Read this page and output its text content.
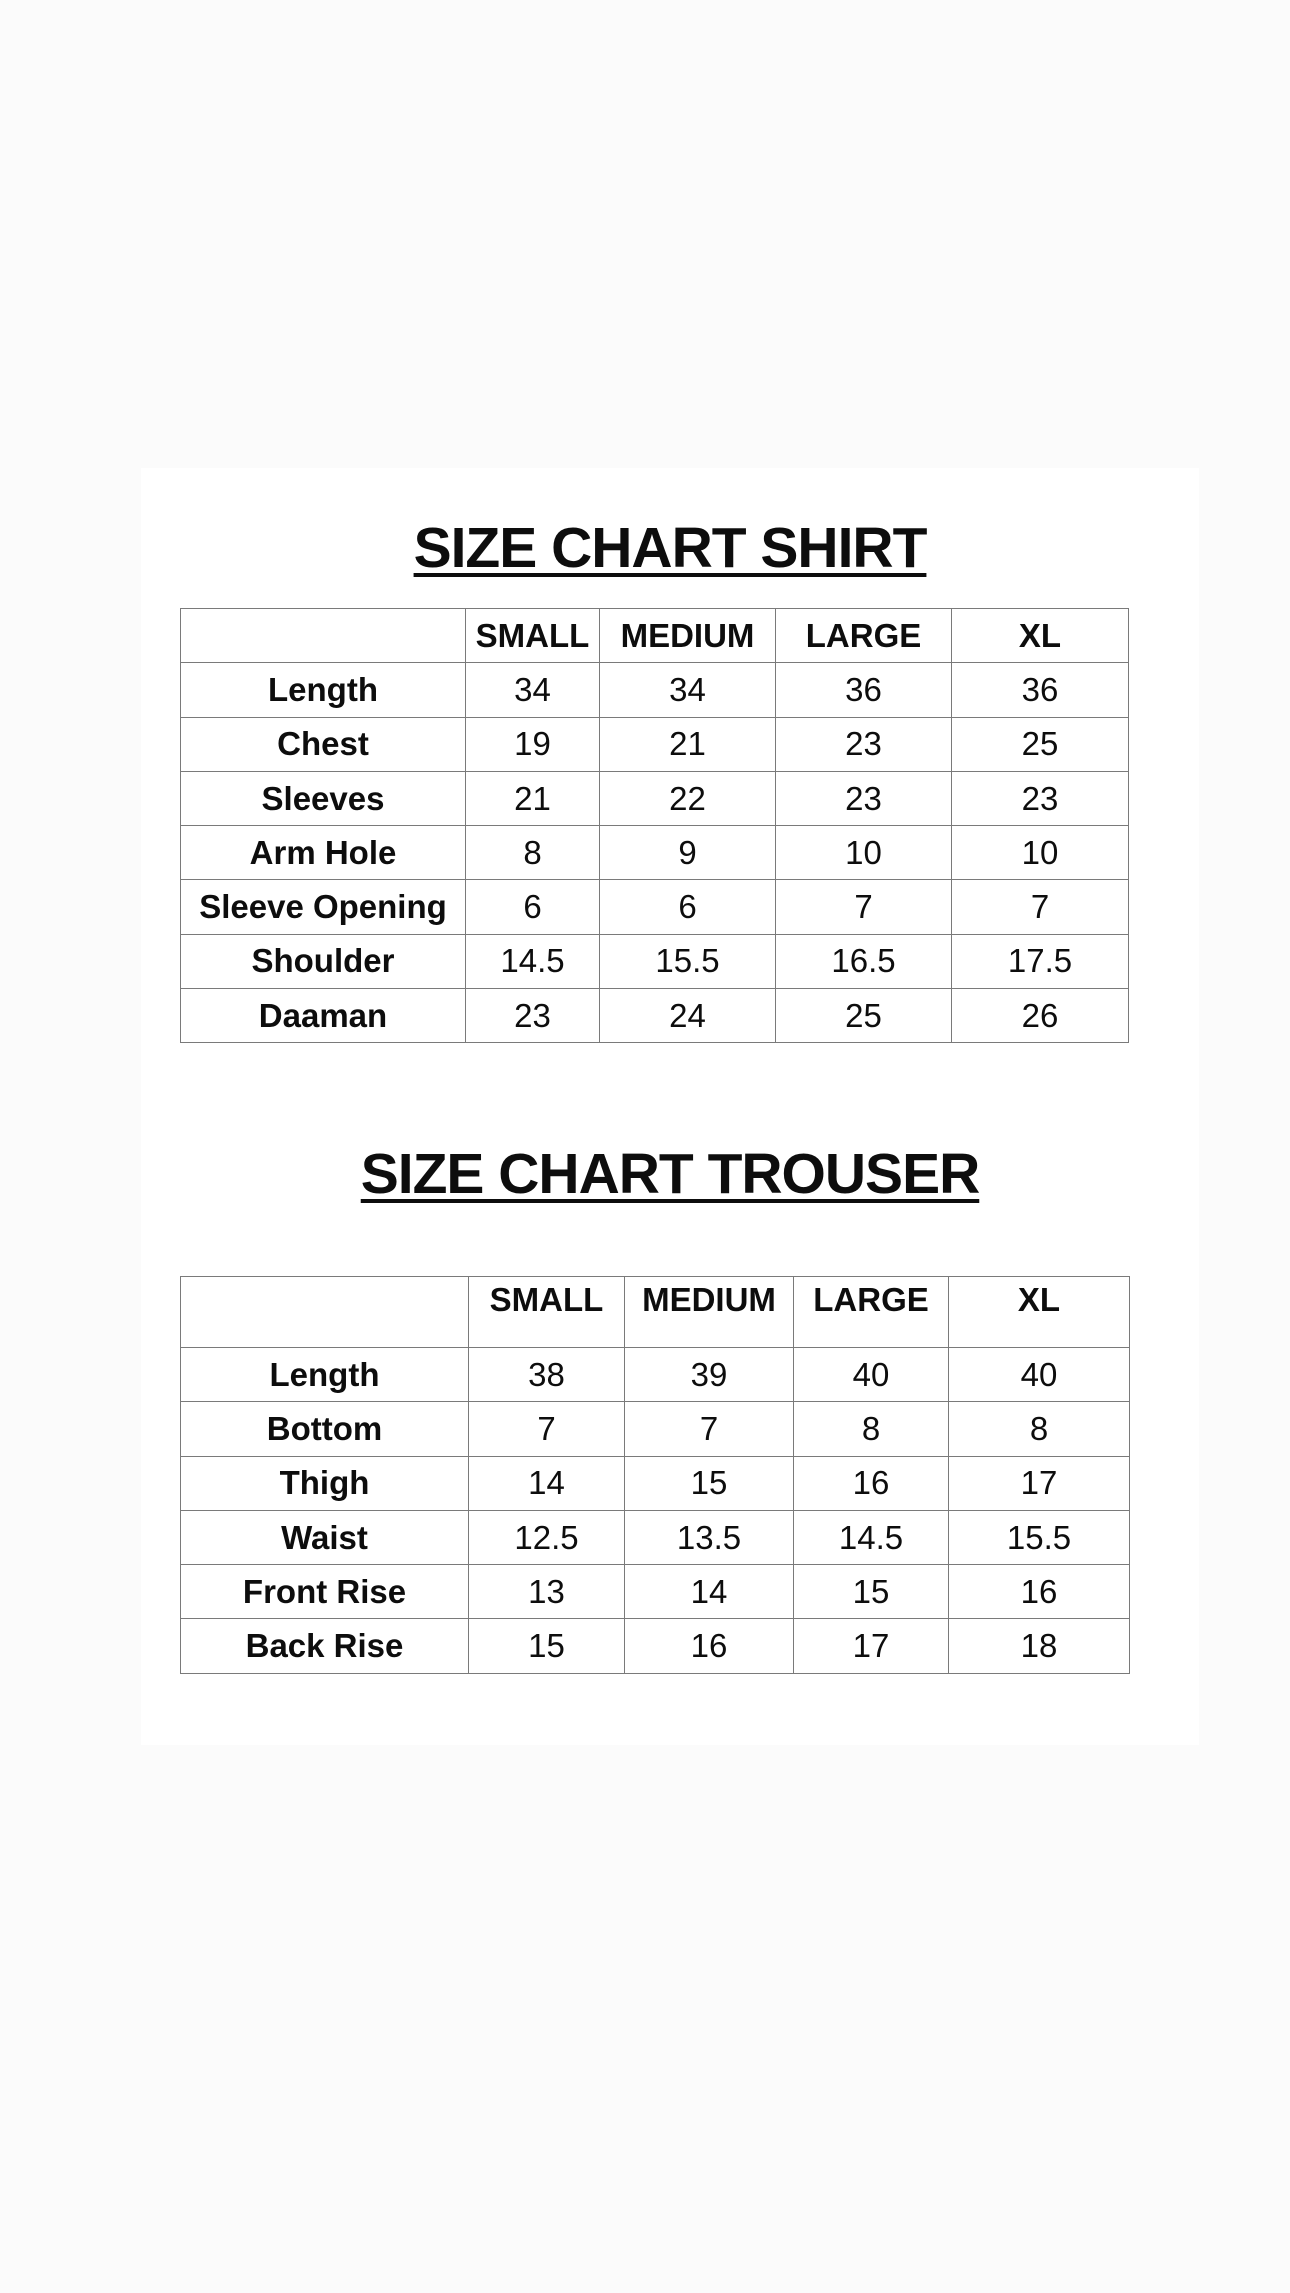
SIZE CHART SHIRT
	SMALL	MEDIUM	LARGE	XL
Length	34	34	36	36
Chest	19	21	23	25
Sleeves	21	22	23	23
Arm Hole	8	9	10	10
Sleeve Opening	6	6	7	7
Shoulder	14.5	15.5	16.5	17.5
Daaman	23	24	25	26
SIZE CHART TROUSER
	SMALL	MEDIUM	LARGE	XL
Length	38	39	40	40
Bottom	7	7	8	8
Thigh	14	15	16	17
Waist	12.5	13.5	14.5	15.5
Front Rise	13	14	15	16
Back Rise	15	16	17	18
